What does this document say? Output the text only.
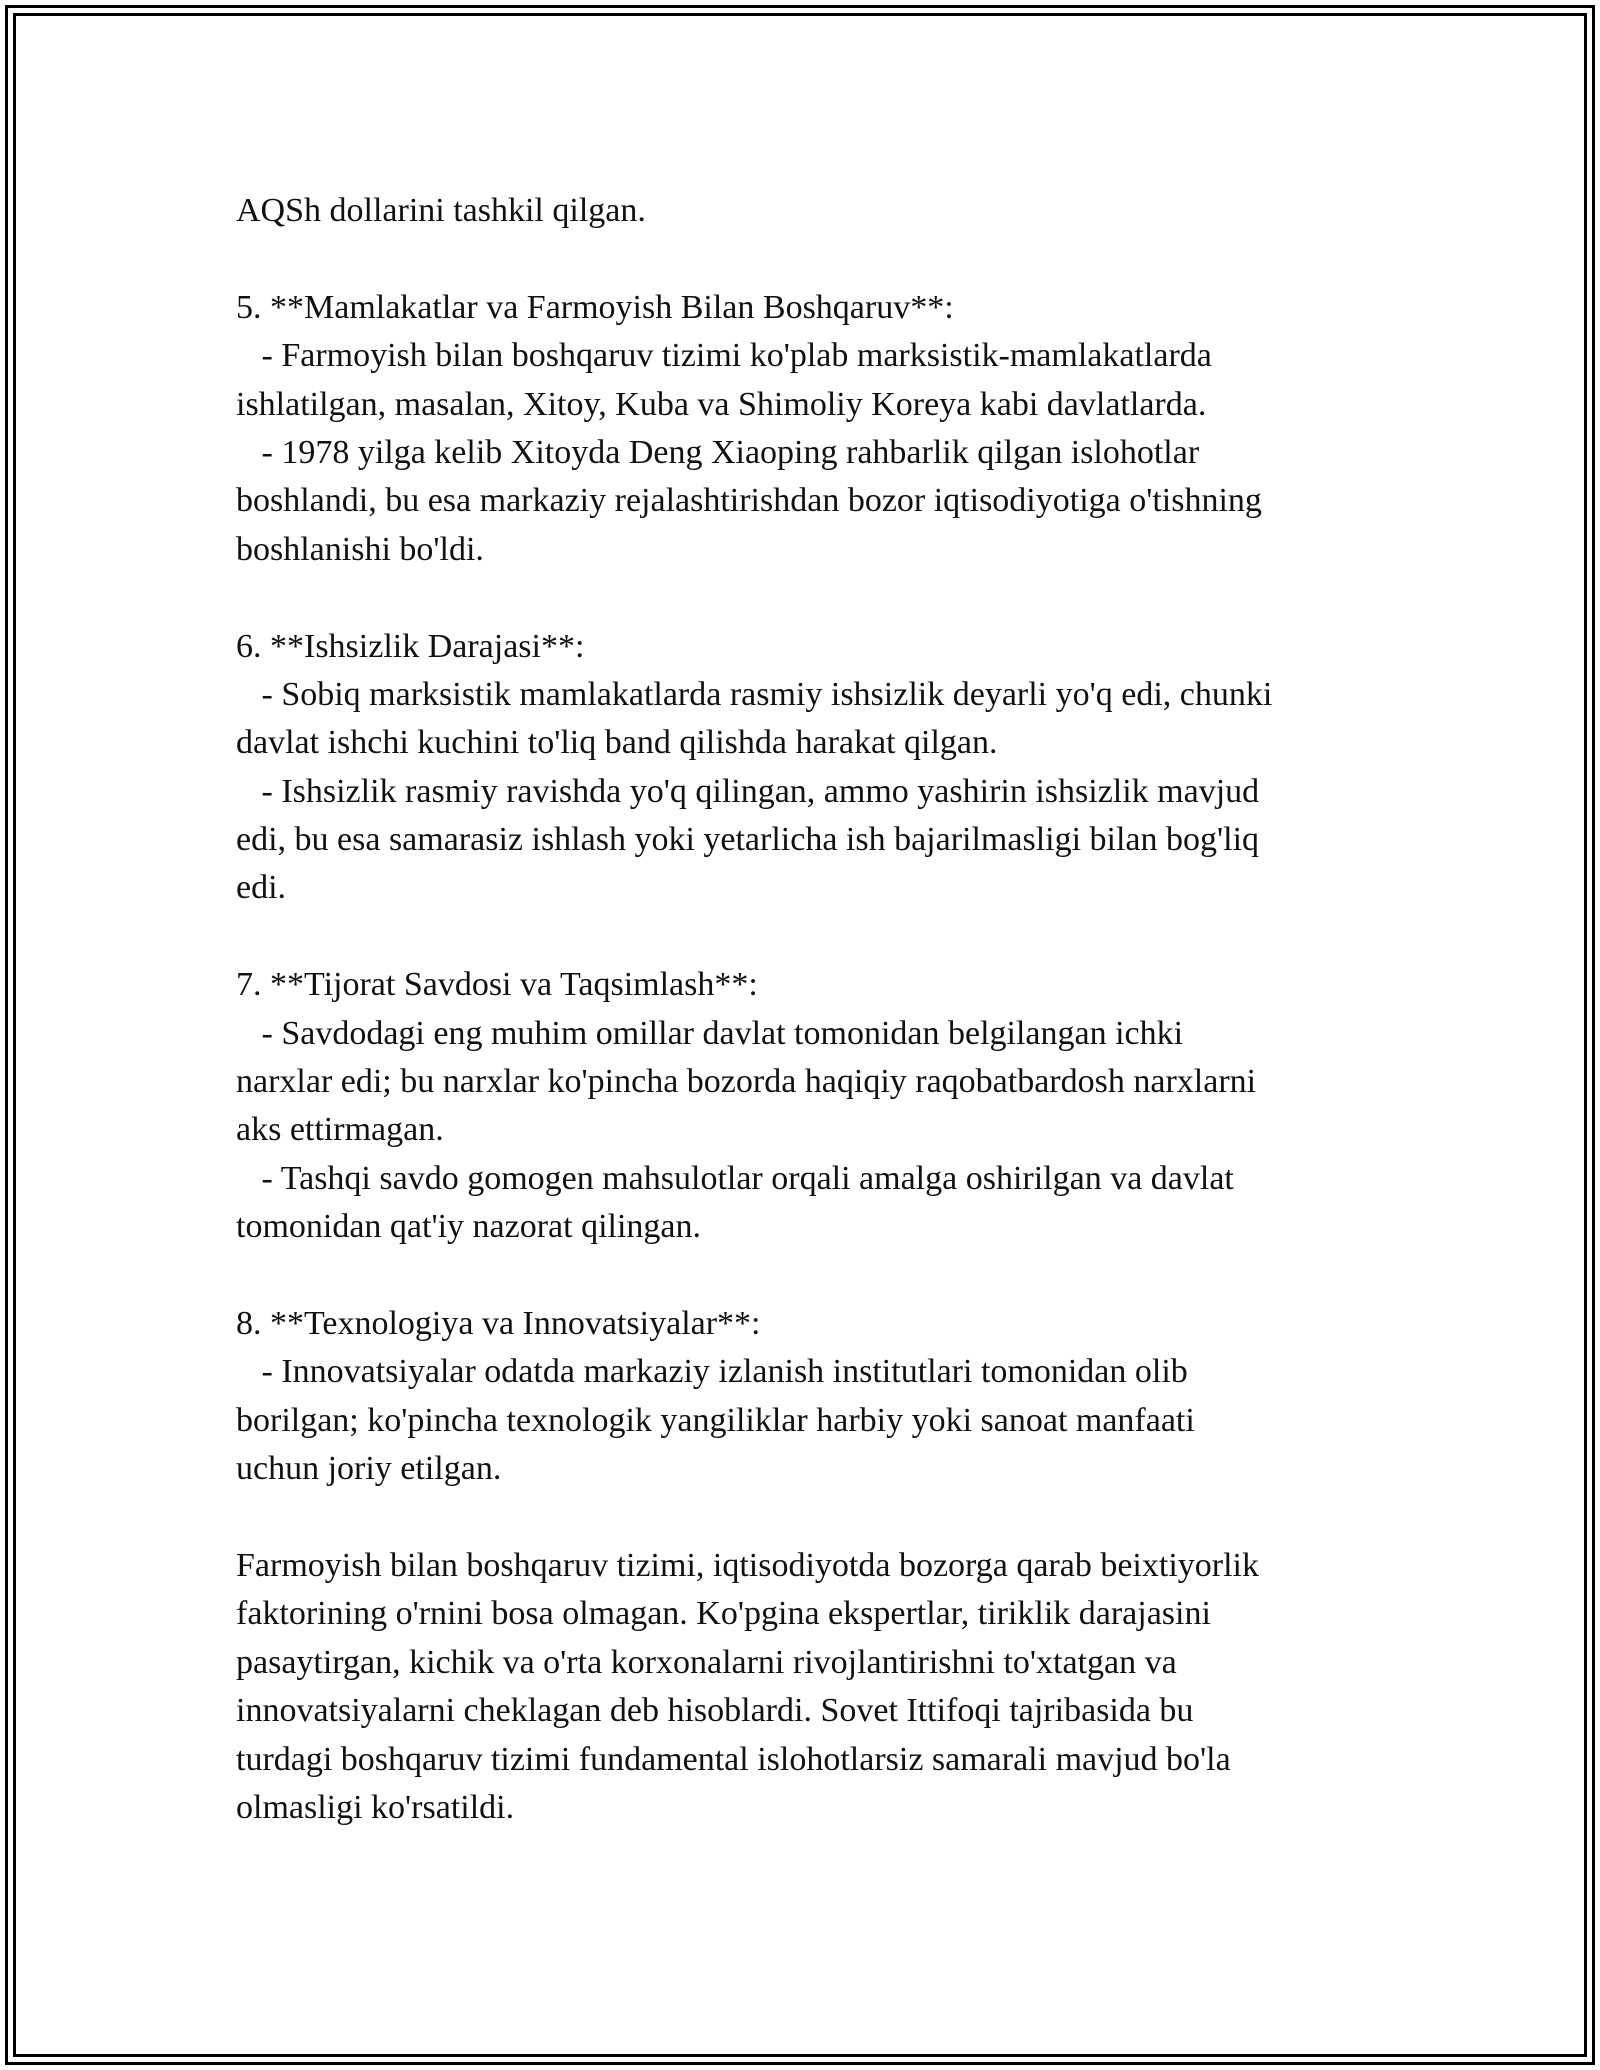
AQSh dollarini tashkil qilgan.
5. **Mamlakatlar va Farmoyish Bilan Boshqaruv**:
- Farmoyish bilan boshqaruv tizimi ko'plab marksistik-mamlakatlarda
ishlatilgan, masalan, Xitoy, Kuba va Shimoliy Koreya kabi davlatlarda.
- 1978 yilga kelib Xitoyda Deng Xiaoping rahbarlik qilgan islohotlar
boshlandi, bu esa markaziy rejalashtirishdan bozor iqtisodiyotiga o'tishning
boshlanishi bo'ldi.
6. **Ishsizlik Darajasi**:
- Sobiq marksistik mamlakatlarda rasmiy ishsizlik deyarli yo'q edi, chunki
davlat ishchi kuchini to'liq band qilishda harakat qilgan.
- Ishsizlik rasmiy ravishda yo'q qilingan, ammo yashirin ishsizlik mavjud
edi, bu esa samarasiz ishlash yoki yetarlicha ish bajarilmasligi bilan bog'liq
edi.
7. **Tijorat Savdosi va Taqsimlash**:
- Savdodagi eng muhim omillar davlat tomonidan belgilangan ichki
narxlar edi; bu narxlar ko'pincha bozorda haqiqiy raqobatbardosh narxlarni
aks ettirmagan.
- Tashqi savdo gomogen mahsulotlar orqali amalga oshirilgan va davlat
tomonidan qat'iy nazorat qilingan.
8. **Texnologiya va Innovatsiyalar**:
- Innovatsiyalar odatda markaziy izlanish institutlari tomonidan olib
borilgan; ko'pincha texnologik yangiliklar harbiy yoki sanoat manfaati
uchun joriy etilgan.
Farmoyish bilan boshqaruv tizimi, iqtisodiyotda bozorga qarab beixtiyorlik
faktorining o'rnini bosa olmagan. Ko'pgina ekspertlar, tiriklik darajasini
pasaytirgan, kichik va o'rta korxonalarni rivojlantirishni to'xtatgan va
innovatsiyalarni cheklagan deb hisoblardi. Sovet Ittifoqi tajribasida bu
turdagi boshqaruv tizimi fundamental islohotlarsiz samarali mavjud bo'la
olmasligi ko'rsatildi.
